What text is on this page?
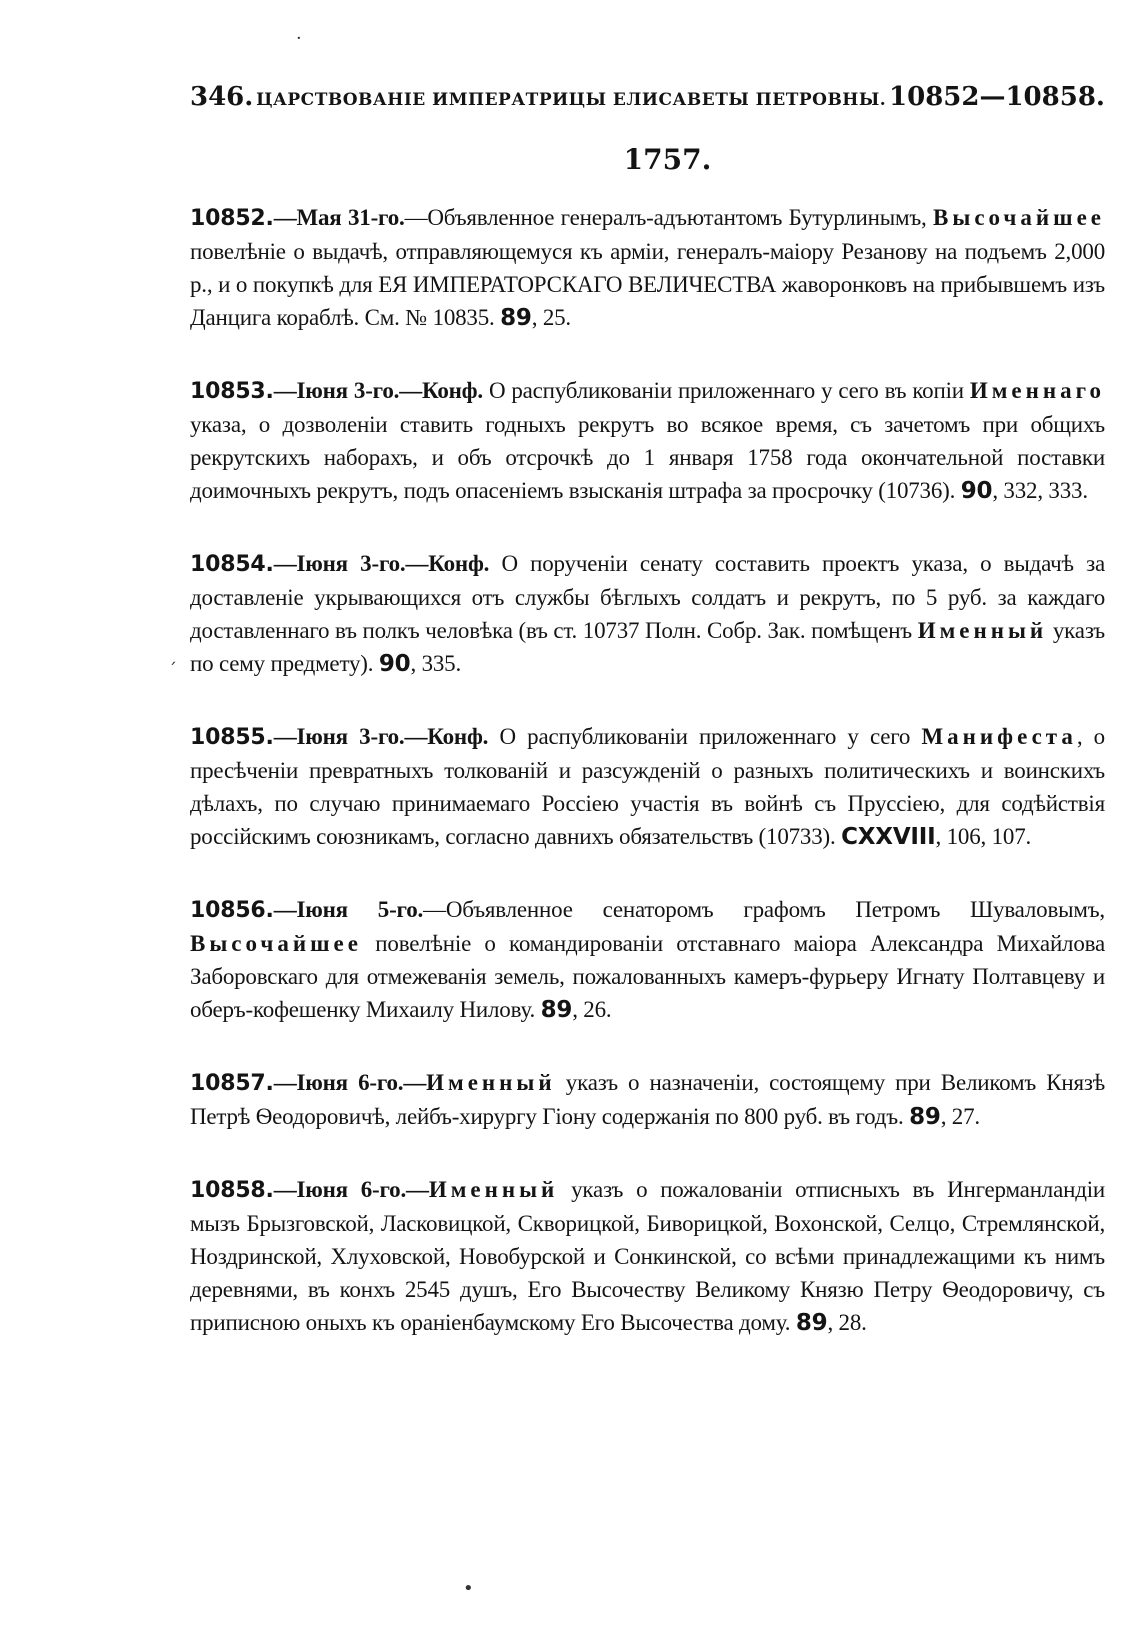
·
ˊ
•
346. ЦАРСТВОВАНІЕ ИМПЕРАТРИЦЫ ЕЛИСАВЕТЫ ПЕТРОВНЫ. 10852—10858.
1757.

10852.—Мая 31-го.—Объявленное генералъ-адъютантомъ Бутурлинымъ, Высочайшее повелѣніе о выдачѣ, отправляющемуся къ арміи, генералъ-маіору Резанову на подъемъ 2,000 р., и о покупкѣ для ЕЯ ИМПЕРАТОРСКАГО ВЕЛИЧЕСТВА жаворонковъ на прибывшемъ изъ Данцига кораблѣ. См. № 10835. 89, 25.

10853.—Іюня 3-го.—Конф. О распубликованіи приложеннаго у сего въ копіи Именнаго указа, о дозволеніи ставить годныхъ рекрутъ во всякое время, съ зачетомъ при общихъ рекрутскихъ наборахъ, и объ отсрочкѣ до 1 января 1758 года окончательной поставки доимочныхъ рекрутъ, подъ опасеніемъ взысканія штрафа за просрочку (10736). 90, 332, 333.

10854.—Іюня 3-го.—Конф. О порученіи сенату составить проектъ указа, о выдачѣ за доставленіе укрывающихся отъ службы бѣглыхъ солдатъ и рекрутъ, по 5 руб. за каждаго доставленнаго въ полкъ человѣка (въ ст. 10737 Полн. Собр. Зак. помѣщенъ Именный указъ по сему предмету). 90, 335.

10855.—Іюня 3-го.—Конф. О распубликованіи приложеннаго у сего Манифеста, о пресѣченіи превратныхъ толкованій и разсужденій о разныхъ политическихъ и воинскихъ дѣлахъ, по случаю принимаемаго Россіею участія въ войнѣ съ Пруссіею, для содѣйствія россійскимъ союзникамъ, согласно давнихъ обязательствъ (10733). CXXVIII, 106, 107.

10856.—Іюня 5-го.—Объявленное сенаторомъ графомъ Петромъ Шуваловымъ, Высочайшее повелѣніе о командированіи отставнаго маіора Александра Михайлова Заборовскаго для отмежеванія земель, пожалованныхъ камеръ-фурьеру Игнату Полтавцеву и оберъ-кофешенку Михаилу Нилову. 89, 26.

10857.—Іюня 6-го.—Именный указъ о назначеніи, состоящему при Великомъ Князѣ Петрѣ Ѳеодоровичѣ, лейбъ-хирургу Гіону содержанія по 800 руб. въ годъ. 89, 27.

10858.—Іюня 6-го.—Именный указъ о пожалованіи отписныхъ въ Ингерманландіи мызъ Брызговской, Ласковицкой, Скворицкой, Биворицкой, Вохонской, Селцо, Стремлянской, Ноздринской, Хлуховской, Новобурской и Сонкинской, со всѣми принадлежащими къ нимъ деревнями, въ конхъ 2545 душъ, Его Высочеству Великому Князю Петру Ѳеодоровичу, съ приписною оныхъ къ ораніенбаумскому Его Высочества дому. 89, 28.
